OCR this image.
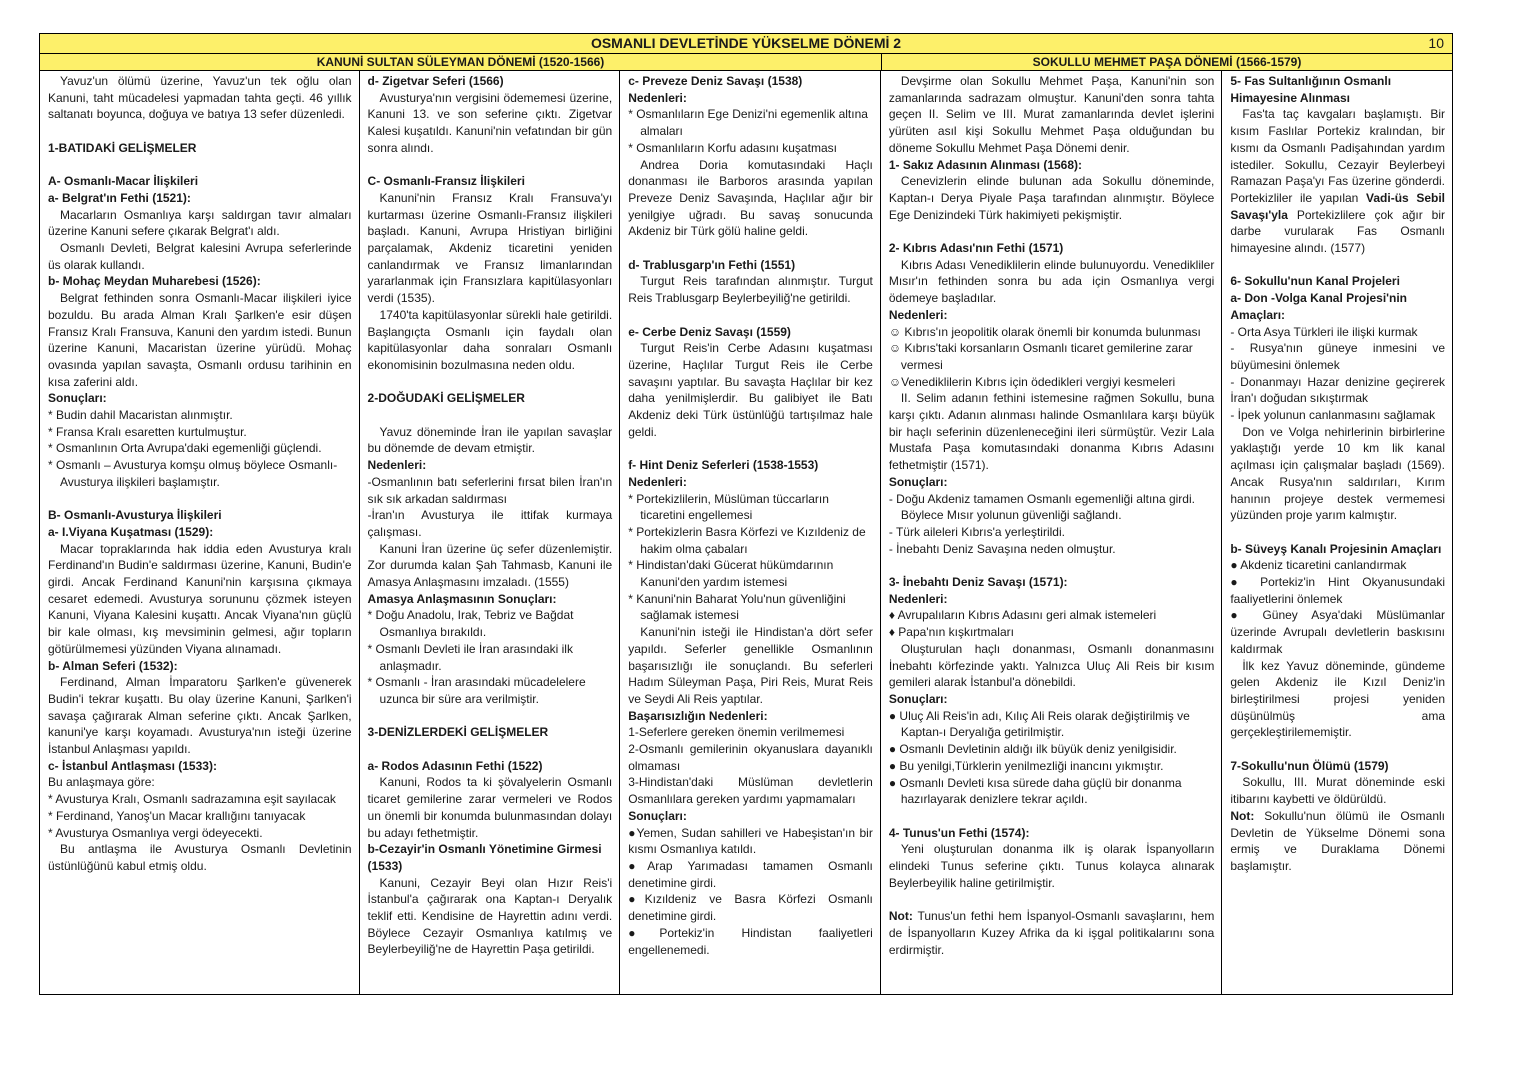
OSMANLI DEVLETİNDE YÜKSELME DÖNEMİ 2	10
KANUNİ SULTAN SÜLEYMAN DÖNEMİ (1520-1566)	SOKULLU MEHMET PAŞA DÖNEMİ (1566-1579)

Yavuz'un ölümü üzerine, Yavuz'un tek oğlu olan Kanuni, taht mücadelesi yapmadan tahta geçti. 46 yıllık saltanatı boyunca, doğuya ve batıya 13 sefer düzenledi.

1-BATIDAKİ GELİŞMELER

A- Osmanlı-Macar İlişkileri

a- Belgrat'ın Fethi (1521):

Macarların Osmanlıya karşı saldırgan tavır almaları üzerine Kanuni sefere çıkarak Belgrat'ı aldı.

Osmanlı Devleti, Belgrat kalesini Avrupa seferlerinde üs olarak kullandı.

b- Mohaç Meydan Muharebesi (1526):

Belgrat fethinden sonra Osmanlı-Macar ilişkileri iyice bozuldu. Bu arada Alman Kralı Şarlken'e esir düşen Fransız Kralı Fransuva, Kanuni den yardım istedi. Bunun üzerine Kanuni, Macaristan üzerine yürüdü. Mohaç ovasında yapılan savaşta, Osmanlı ordusu tarihinin en kısa zaferini aldı.

Sonuçları:

* Budin dahil Macaristan alınmıştır.

* Fransa Kralı esaretten kurtulmuştur.

* Osmanlının Orta Avrupa'daki egemenliği güçlendi.

* Osmanlı – Avusturya komşu olmuş böylece Osmanlı-Avusturya ilişkileri başlamıştır.

B- Osmanlı-Avusturya İlişkileri

a- I.Viyana Kuşatması (1529):

Macar topraklarında hak iddia eden Avusturya kralı Ferdinand'ın Budin'e saldırması üzerine, Kanuni, Budin'e girdi. Ancak Ferdinand Kanuni'nin karşısına çıkmaya cesaret edemedi. Avusturya sorununu çözmek isteyen Kanuni, Viyana Kalesini kuşattı. Ancak Viyana'nın güçlü bir kale olması, kış mevsiminin gelmesi, ağır topların götürülmemesi yüzünden Viyana alınamadı.

b- Alman Seferi (1532):

Ferdinand, Alman İmparatoru Şarlken'e güvenerek Budin'i tekrar kuşattı. Bu olay üzerine Kanuni, Şarlken'i savaşa çağırarak Alman seferine çıktı. Ancak Şarlken, kanuni'ye karşı koyamadı. Avusturya'nın isteği üzerine İstanbul Anlaşması yapıldı.

c- İstanbul Antlaşması (1533):

Bu anlaşmaya göre:

* Avusturya Kralı, Osmanlı sadrazamına eşit sayılacak

* Ferdinand, Yanoş'un Macar krallığını tanıyacak

* Avusturya Osmanlıya vergi ödeyecekti.

Bu antlaşma ile Avusturya Osmanlı Devletinin üstünlüğünü kabul etmiş oldu.

d- Zigetvar Seferi (1566)

Avusturya'nın vergisini ödememesi üzerine, Kanuni 13. ve son seferine çıktı. Zigetvar Kalesi kuşatıldı. Kanuni'nin vefatından bir gün sonra alındı.

C- Osmanlı-Fransız İlişkileri

Kanuni'nin Fransız Kralı Fransuva'yı kurtarması üzerine Osmanlı-Fransız ilişkileri başladı. Kanuni, Avrupa Hristiyan birliğini parçalamak, Akdeniz ticaretini yeniden canlandırmak ve Fransız limanlarından yararlanmak için Fransızlara kapitülasyonları verdi (1535).

1740'ta kapitülasyonlar sürekli hale getirildi. Başlangıçta Osmanlı için faydalı olan kapitülasyonlar daha sonraları Osmanlı ekonomisinin bozulmasına neden oldu.

2-DOĞUDAKİ GELİŞMELER

Yavuz döneminde İran ile yapılan savaşlar bu dönemde de devam etmiştir.

Nedenleri:

-Osmanlının batı seferlerini fırsat bilen İran'ın sık sık arkadan saldırması

-İran'ın Avusturya ile ittifak kurmaya çalışması.

Kanuni İran üzerine üç sefer düzenlemiştir. Zor durumda kalan Şah Tahmasb, Kanuni ile Amasya Anlaşmasını imzaladı. (1555)

Amasya Anlaşmasının Sonuçları:

* Doğu Anadolu, Irak, Tebriz ve Bağdat Osmanlıya bırakıldı.

* Osmanlı Devleti ile İran arasındaki ilk anlaşmadır.

* Osmanlı - İran arasındaki mücadelelere uzunca bir süre ara verilmiştir.

3-DENİZLERDEKİ GELİŞMELER

a- Rodos Adasının Fethi (1522)

Kanuni, Rodos ta ki şövalyelerin Osmanlı ticaret gemilerine zarar vermeleri ve Rodos un önemli bir konumda bulunmasından dolayı bu adayı fethetmiştir.

b-Cezayir'in Osmanlı Yönetimine Girmesi (1533)

Kanuni, Cezayir Beyi olan Hızır Reis'i İstanbul'a çağırarak ona Kaptan-ı Deryalık teklif etti. Kendisine de Hayrettin adını verdi. Böylece Cezayir Osmanlıya katılmış ve Beylerbeyiliğ'ne de Hayrettin Paşa getirildi.

c- Preveze Deniz Savaşı (1538)

Nedenleri:

* Osmanlıların Ege Denizi'ni egemenlik altına almaları

* Osmanlıların Korfu adasını kuşatması

Andrea Doria komutasındaki Haçlı donanması ile Barboros arasında yapılan Preveze Deniz Savaşında, Haçlılar ağır bir yenilgiye uğradı. Bu savaş sonucunda Akdeniz bir Türk gölü haline geldi.

d- Trablusgarp'ın Fethi (1551)

Turgut Reis tarafından alınmıştır. Turgut Reis Trablusgarp Beylerbeyiliğ'ne getirildi.

e- Cerbe Deniz Savaşı (1559)

Turgut Reis'in Cerbe Adasını kuşatması üzerine, Haçlılar Turgut Reis ile Cerbe savaşını yaptılar. Bu savaşta Haçlılar bir kez daha yenilmişlerdir. Bu galibiyet ile Batı Akdeniz deki Türk üstünlüğü tartışılmaz hale geldi.

f- Hint Deniz Seferleri (1538-1553)

Nedenleri:

* Portekizlilerin, Müslüman tüccarların ticaretini engellemesi

* Portekizlerin Basra Körfezi ve Kızıldeniz de hakim olma çabaları

* Hindistan'daki Gücerat hükümdarının Kanuni'den yardım istemesi

* Kanuni'nin Baharat Yolu'nun güvenliğini sağlamak istemesi

Kanuni'nin isteği ile Hindistan'a dört sefer yapıldı. Seferler genellikle Osmanlının başarısızlığı ile sonuçlandı. Bu seferleri Hadım Süleyman Paşa, Piri Reis, Murat Reis ve Seydi Ali Reis yaptılar.

Başarısızlığın Nedenleri:

1-Seferlere gereken önemin verilmemesi

2-Osmanlı gemilerinin okyanuslara dayanıklı olmaması

3-Hindistan'daki Müslüman devletlerin Osmanlılara gereken yardımı yapmamaları

Sonuçları:

●Yemen, Sudan sahilleri ve Habeşistan'ın bir kısmı Osmanlıya katıldı.

●Arap Yarımadası tamamen Osmanlı denetimine girdi.

●Kızıldeniz ve Basra Körfezi Osmanlı denetimine girdi.

●Portekiz'in Hindistan faaliyetleri engellenemedi.

Devşirme olan Sokullu Mehmet Paşa, Kanuni'nin son zamanlarında sadrazam olmuştur. Kanuni'den sonra tahta geçen II. Selim ve III. Murat zamanlarında devlet işlerini yürüten asıl kişi Sokullu Mehmet Paşa olduğundan bu döneme Sokullu Mehmet Paşa Dönemi denir.

1- Sakız Adasının Alınması (1568):

Cenevizlerin elinde bulunan ada Sokullu döneminde, Kaptan-ı Derya Piyale Paşa tarafından alınmıştır. Böylece Ege Denizindeki Türk hakimiyeti pekişmiştir.

2- Kıbrıs Adası'nın Fethi (1571)

Kıbrıs Adası Venediklilerin elinde bulunuyordu. Venedikliler Mısır'ın fethinden sonra bu ada için Osmanlıya vergi ödemeye başladılar.

Nedenleri:

☺ Kıbrıs'ın jeopolitik olarak önemli bir konumda bulunması

☺ Kıbrıs'taki korsanların Osmanlı ticaret gemilerine zarar vermesi

☺Venediklilerin Kıbrıs için ödedikleri vergiyi kesmeleri

II. Selim adanın fethini istemesine rağmen Sokullu, buna karşı çıktı. Adanın alınması halinde Osmanlılara karşı büyük bir haçlı seferinin düzenleneceğini ileri sürmüştür. Vezir Lala Mustafa Paşa komutasındaki donanma Kıbrıs Adasını fethetmiştir (1571).

Sonuçları:

- Doğu Akdeniz tamamen Osmanlı egemenliği altına girdi. Böylece Mısır yolunun güvenliği sağlandı.

- Türk aileleri Kıbrıs'a yerleştirildi.

- İnebahtı Deniz Savaşına neden olmuştur.

3- İnebahtı Deniz Savaşı (1571):

Nedenleri:

♦ Avrupalıların Kıbrıs Adasını geri almak istemeleri

♦ Papa'nın kışkırtmaları

Oluşturulan haçlı donanması, Osmanlı donanmasını İnebahtı körfezinde yaktı. Yalnızca Uluç Ali Reis bir kısım gemileri alarak İstanbul'a dönebildi.

Sonuçları:

● Uluç Ali Reis'in adı, Kılıç Ali Reis olarak değiştirilmiş ve Kaptan-ı Deryalığa getirilmiştir.

● Osmanlı Devletinin aldığı ilk büyük deniz yenilgisidir.

● Bu yenilgi,Türklerin yenilmezliği inancını yıkmıştır.

● Osmanlı Devleti kısa sürede daha güçlü bir donanma hazırlayarak denizlere tekrar açıldı.

4- Tunus'un Fethi (1574):

Yeni oluşturulan donanma ilk iş olarak İspanyolların elindeki Tunus seferine çıktı. Tunus kolayca alınarak Beylerbeyilik haline getirilmiştir.

Not: Tunus'un fethi hem İspanyol-Osmanlı savaşlarını, hem de İspanyolların Kuzey Afrika da ki işgal politikalarını sona erdirmiştir.

5- Fas Sultanlığının Osmanlı Himayesine Alınması

Fas'ta taç kavgaları başlamıştı. Bir kısım Faslılar Portekiz kralından, bir kısmı da Osmanlı Padişahından yardım istediler. Sokullu, Cezayir Beylerbeyi Ramazan Paşa'yı Fas üzerine gönderdi. Portekizliler ile yapılan Vadi-üs Sebil Savaşı'yla Portekizlilere çok ağır bir darbe vurularak Fas Osmanlı himayesine alındı. (1577)

6- Sokullu'nun Kanal Projeleri

a- Don -Volga Kanal Projesi'nin Amaçları:

- Orta Asya Türkleri ile ilişki kurmak

- Rusya'nın güneye inmesini ve büyümesini önlemek

- Donanmayı Hazar denizine geçirerek İran'ı doğudan sıkıştırmak

- İpek yolunun canlanmasını sağlamak

Don ve Volga nehirlerinin birbirlerine yaklaştığı yerde 10 km lik kanal açılması için çalışmalar başladı (1569). Ancak Rusya'nın saldırıları, Kırım hanının projeye destek vermemesi yüzünden proje yarım kalmıştır.

b- Süveyş Kanalı Projesinin Amaçları

● Akdeniz ticaretini canlandırmak

● Portekiz'in Hint Okyanusundaki faaliyetlerini önlemek

● Güney Asya'daki Müslümanlar üzerinde Avrupalı devletlerin baskısını kaldırmak

İlk kez Yavuz döneminde, gündeme gelen Akdeniz ile Kızıl Deniz'in birleştirilmesi projesi yeniden düşünülmüş ama gerçekleştirilememiştir.

7-Sokullu'nun Ölümü (1579)

Sokullu, III. Murat döneminde eski itibarını kaybetti ve öldürüldü.

Not: Sokullu'nun ölümü ile Osmanlı Devletin de Yükselme Dönemi sona ermiş ve Duraklama Dönemi başlamıştır.
